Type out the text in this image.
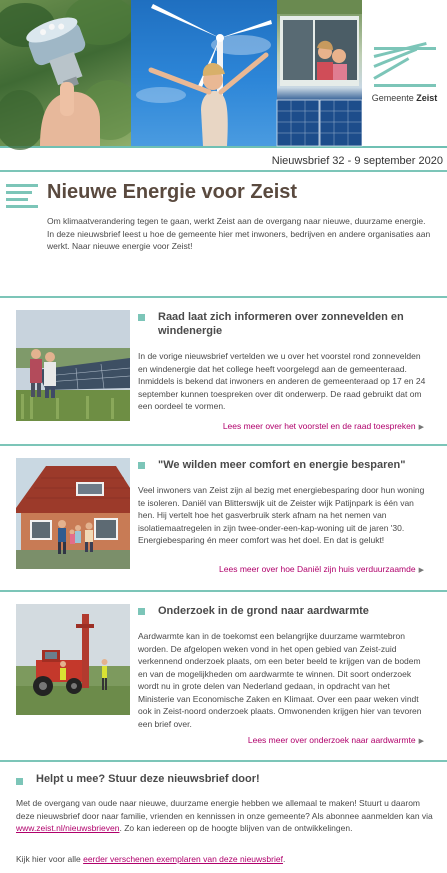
Gemeente Zeist
Nieuwsbrief 32 - 9 september 2020
Nieuwe Energie voor Zeist
Om klimaatverandering tegen te gaan, werkt Zeist aan de overgang naar nieuwe, duurzame energie. In deze nieuwsbrief leest u hoe de gemeente hier met inwoners, bedrijven en andere organisaties aan werkt. Naar nieuwe energie voor Zeist!
Raad laat zich informeren over zonnevelden en windenergie
In de vorige nieuwsbrief vertelden we u over het voorstel rond zonnevelden en windenergie dat het college heeft voorgelegd aan de gemeenteraad. Inmiddels is bekend dat inwoners en anderen de gemeenteraad op 17 en 24 september kunnen toespreken over dit onderwerp. De raad gebruikt dat om een oordeel te vormen.
Lees meer over het voorstel en de raad toespreken ▶
"We wilden meer comfort en energie besparen"
Veel inwoners van Zeist zijn al bezig met energiebesparing door hun woning te isoleren. Daniël van Blitterswijk uit de Zeister wijk Patijnpark is één van hen. Hij vertelt hoe het gasverbruik sterk afnam na het nemen van isolatiemaatregelen in zijn twee-onder-een-kap-woning uit de jaren '30. Energiebesparing én meer comfort was het doel. En dat is gelukt!
Lees meer over hoe Daniël zijn huis verduurzaamde ▶
Onderzoek in de grond naar aardwarmte
Aardwarmte kan in de toekomst een belangrijke duurzame warmtebron worden. De afgelopen weken vond in het open gebied van Zeist-zuid verkennend onderzoek plaats, om een beter beeld te krijgen van de bodem en van de mogelijkheden om aardwarmte te winnen. Dit soort onderzoek wordt nu in grote delen van Nederland gedaan, in opdracht van het Ministerie van Economische Zaken en Klimaat. Over een paar weken vindt ook in Zeist-noord onderzoek plaats. Omwonenden krijgen hier van tevoren een brief over.
Lees meer over onderzoek naar aardwarmte ▶
Helpt u mee? Stuur deze nieuwsbrief door!
Met de overgang van oude naar nieuwe, duurzame energie hebben we allemaal te maken! Stuurt u daarom deze nieuwsbrief door naar familie, vrienden en kennissen in onze gemeente? Als abonnee aanmelden kan via www.zeist.nl/nieuwsbrieven. Zo kan iedereen op de hoogte blijven van de ontwikkelingen.
Kijk hier voor alle eerder verschenen exemplaren van deze nieuwsbrief.
